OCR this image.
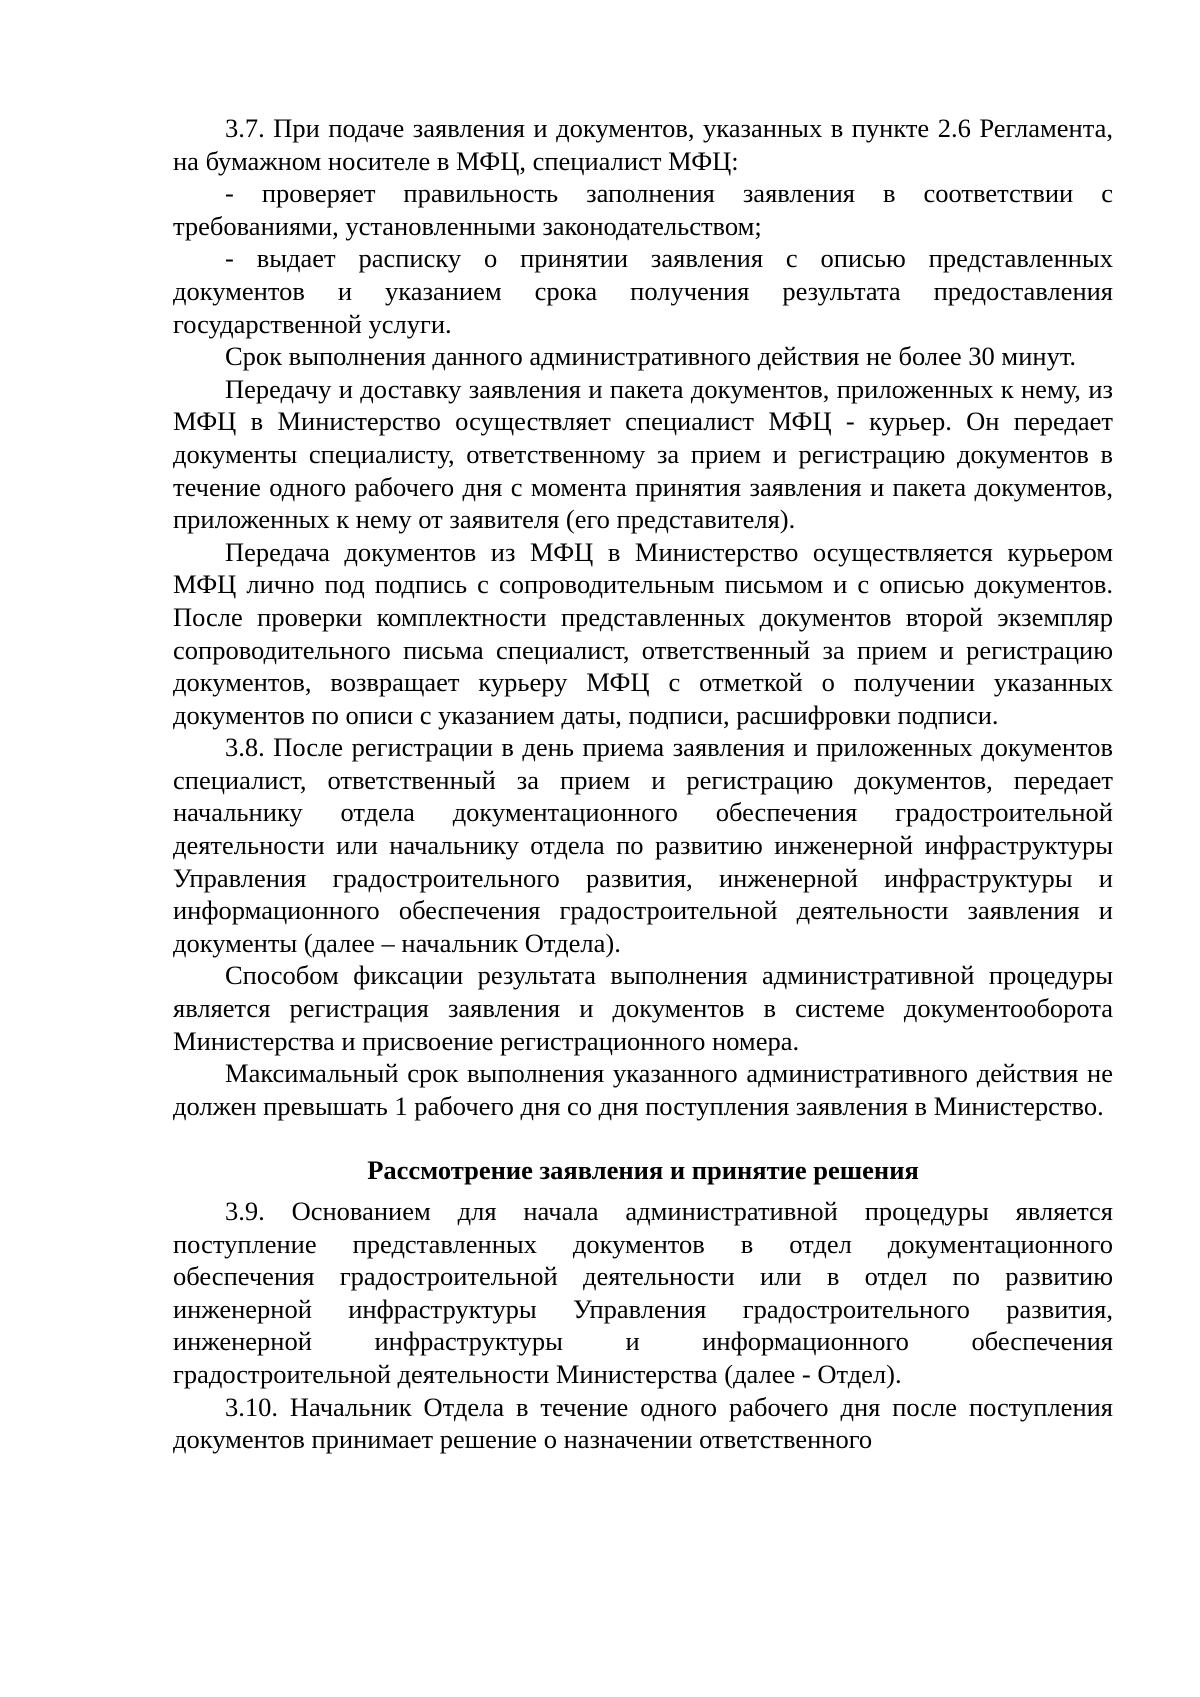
3.7. При подаче заявления и документов, указанных в пункте 2.6 Регламента, на бумажном носителе в МФЦ, специалист МФЦ:

- проверяет правильность заполнения заявления в соответствии с требованиями, установленными законодательством;

- выдает расписку о принятии заявления с описью представленных документов и указанием срока получения результата предоставления государственной услуги.

Срок выполнения данного административного действия не более 30 минут.

Передачу и доставку заявления и пакета документов, приложенных к нему, из МФЦ в Министерство осуществляет специалист МФЦ - курьер. Он передает документы специалисту, ответственному за прием и регистрацию документов в течение одного рабочего дня с момента принятия заявления и пакета документов, приложенных к нему от заявителя (его представителя).

Передача документов из МФЦ в Министерство осуществляется курьером МФЦ лично под подпись с сопроводительным письмом и с описью документов. После проверки комплектности представленных документов второй экземпляр сопроводительного письма специалист, ответственный за прием и регистрацию документов, возвращает курьеру МФЦ с отметкой о получении указанных документов по описи с указанием даты, подписи, расшифровки подписи.

3.8. После регистрации в день приема заявления и приложенных документов специалист, ответственный за прием и регистрацию документов, передает начальнику отдела документационного обеспечения градостроительной деятельности или начальнику отдела по развитию инженерной инфраструктуры Управления градостроительного развития, инженерной инфраструктуры и информационного обеспечения градостроительной деятельности заявления и документы (далее – начальник Отдела).

Способом фиксации результата выполнения административной процедуры является регистрация заявления и документов в системе документооборота Министерства и присвоение регистрационного номера.

Максимальный срок выполнения указанного административного действия не должен превышать 1 рабочего дня со дня поступления заявления в Министерство.

Рассмотрение заявления и принятие решения

3.9. Основанием для начала административной процедуры является поступление представленных документов в отдел документационного обеспечения градостроительной деятельности или в отдел по развитию инженерной инфраструктуры Управления градостроительного развития, инженерной инфраструктуры и информационного обеспечения градостроительной деятельности Министерства (далее - Отдел).

3.10. Начальник Отдела в течение одного рабочего дня после поступления документов принимает решение о назначении ответственного
